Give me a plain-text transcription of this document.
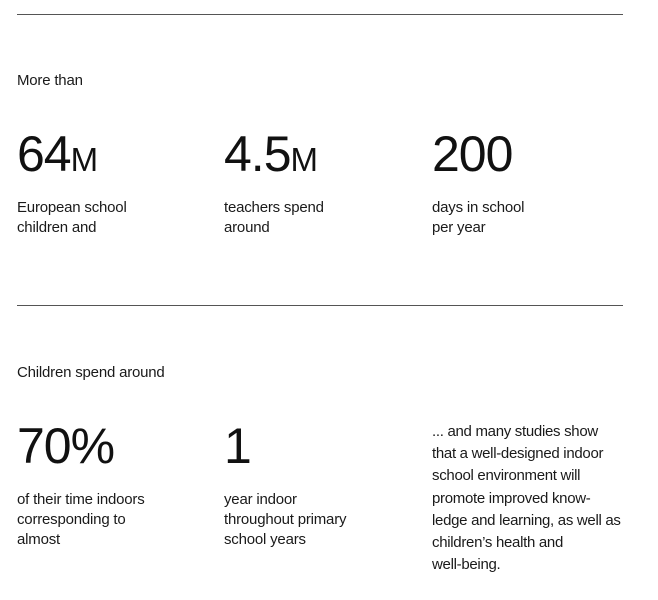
More than
64M
European school
children and
4.5M
teachers spend
around
200
days in school
per year
Children spend around
70%
of their time indoors
corresponding to
almost
1
year indoor
throughout primary
school years
... and many studies show
that a well-designed indoor
school environment will
promote improved know-
ledge and learning, as well as
children’s health and
well-being.
